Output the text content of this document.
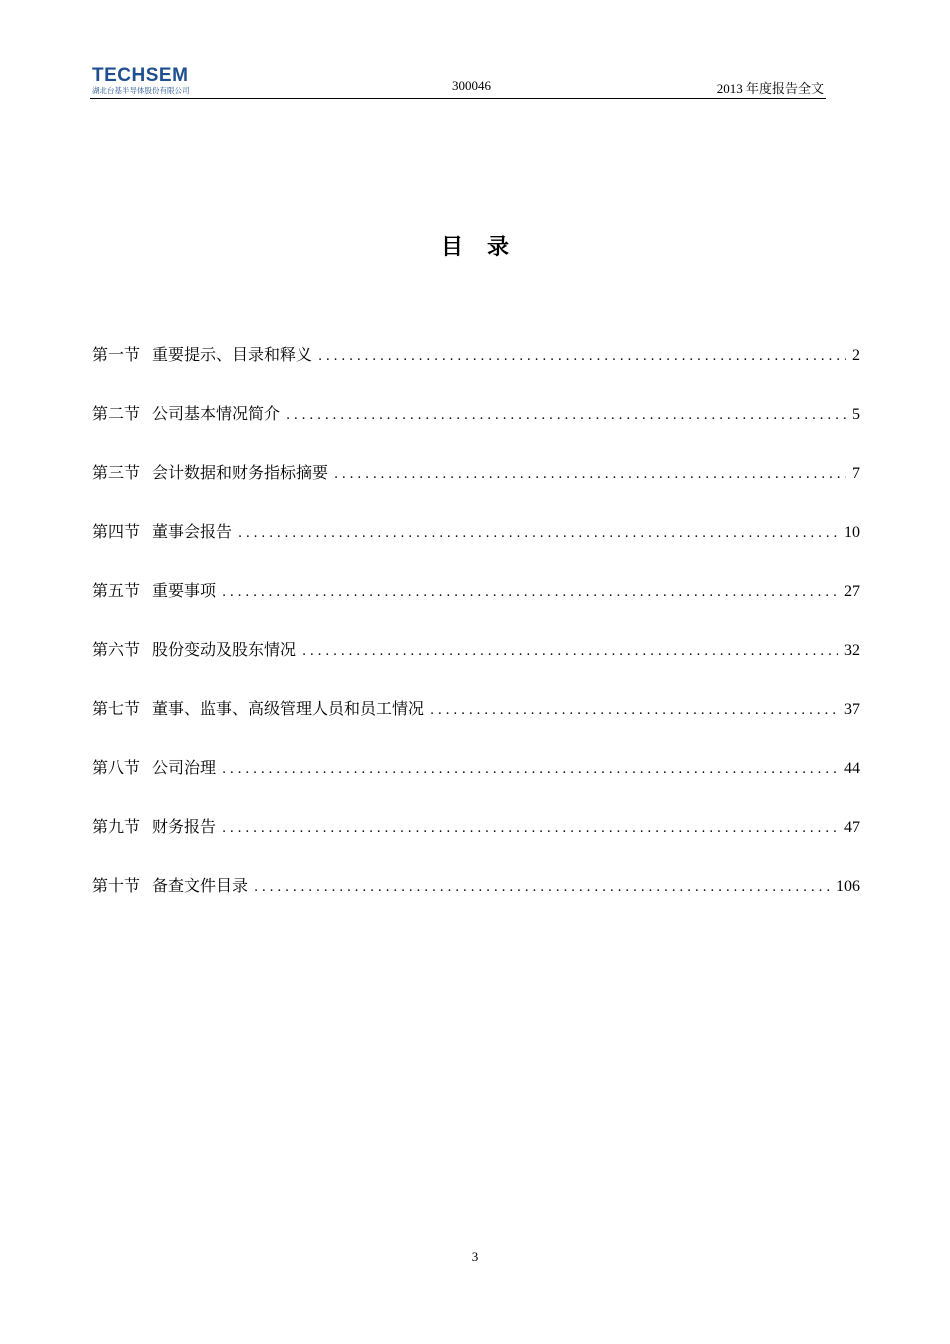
TECHSEM
湖北台基半导体股份有限公司	300046	2013 年度报告全文
目录
第一节 重要提示、目录和释义 .....	2
第二节 公司基本情况简介 .....	5
第三节 会计数据和财务指标摘要 .....	7
第四节 董事会报告 .....	10
第五节 重要事项 .....	27
第六节 股份变动及股东情况 .....	32
第七节 董事、监事、高级管理人员和员工情况 .....	37
第八节 公司治理 .....	44
第九节 财务报告 .....	47
第十节 备查文件目录 .....	106
3
